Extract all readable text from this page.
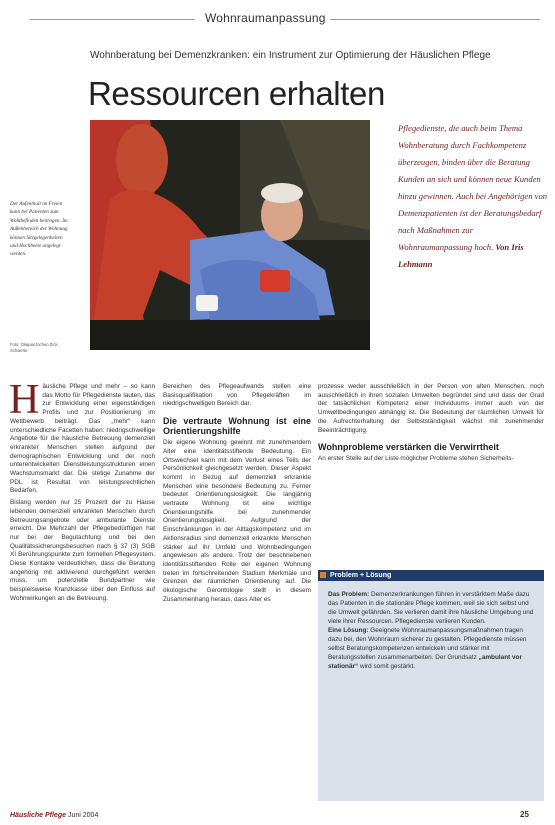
Wohnraumanpassung
Wohnberatung bei Demenzkranken: ein Instrument zur Optimierung der Häuslichen Pflege
Ressourcen erhalten
Pflegedienste, die auch beim Thema Wohnberatung durch Fachkompetenz überzeugen, binden über die Beratung Kunden an sich und können neue Kunden hinzu gewinnen. Auch bei Angehörigen von Demenzpatienten ist der Beratungsbedarf nach Maßnahmen zur Wohnraumanpassung hoch. Von Iris Lehmann
Der Aufenthalt im Freien kann bei Patienten zum Wohlbefinden beitragen. Im Außenbereich der Wohnung können Sitzgelegenheiten und Hochbeete angelegt werden.
Foto: Okapia/Jochen Zick, Schwerte

Häusliche Pflege und mehr – so kann das Motto für Pflegedienste lauten, das zur Entwicklung einer eigenständigen Profils und zur Positionierung im Wettbewerb beiträgt. Das „mehr“ kann unterschiedliche Facetten haben: niedrigschwellige Angebote für die häusliche Betreuung demenziell erkrankter Menschen stellen aufgrund der demographischen Entwicklung und der noch unterentwickelten Dienstleistungsstrukturen einen Wachstumsmarkt dar. Die stetige Zunahme der PDL ist Resultat von leistungsrechtlichen Bedarfen.

Bislang werden nur 25 Prozent der zu Hause lebenden demenziell erkrankten Menschen durch Betreuungsangebote oder ambulante Dienste erreicht. Die Mehrzahl der Pflegebedürftigen hat nur bei der Begutachtung und bei den Qualitätssicherungsbesuchen nach § 37 (3) SGB XI Berührungspunkte zum formellen Pflegesystem. Diese Kontakte verdeutlichen, dass die Beratung angehörig mit aktivierend durchgeführt werden muss, um potenzielle Bundpartner wie beispielsweise Kranzkasse über den Einfluss auf Wohnwirkungen an die Betreuung.

Bereichen des Pflegeaufwands stellen eine Basisqualifikation von Pflegekräften im niedrigschwelligen Bereich dar.

Die vertraute Wohnung ist eine Orientierungshilfe

Die eigene Wohnung gewinnt mit zunehmendem Alter eine identitätsstiftende Bedeutung. Ein Ortswechsel kann mit dem Verlust eines Teils der Persönlichkeit gleichgesetzt werden. Dieser Aspekt kommt in Bezug auf demenziell erkrankte Menschen eine besondere Bedeutung zu. Ferner bedeutet Orientierungslosigkeit. Die langjährig vertraute Wohnung ist eine wichtige Orientierungshilfe bei zunehmender Orientierungslosigkeit. Aufgrund der Einschränkungen in der Alltagskompetenz und im Aktionsradius sind demenziell erkrankte Menschen stärker auf ihr Umfeld und Wohnbedingungen angewiesen als andere. Trotz der beschriebenen identitätsstiftenden Rolle der eigenen Wohnung treten im fortschreitenden Stadium Merkmale und Grenzen der räumlichen Orientierung auf. Die ökologische Gerontologie stellt in diesem Zusammenhang heraus, dass Alter es

prozesse weder ausschließlich in der Person von alten Menschen, noch ausschließlich in ihren sozialen Umwelten begründet sind und dass der Grad der tatsächlichen Kompetenz einer Individuums immer auch von der Umweltbedingungen abhängig ist. Die Bedeutung der räumlichen Umwelt für die Aufrechterhaltung der Selbstständigkeit wächst mit zunehmender Beeinträchtigung.

Wohnprobleme verstärken die Verwirrtheit

An erster Stelle auf der Liste möglicher Probleme stehen Sicherheits-

Problem + Lösung

Das Problem: Demenzerkrankungen führen in verstärktem Maße dazu das Patienten in die stationäre Pflege kommen, weil sie sich selbst und die Umwelt gefährden. Sie verlieren damit ihre häusliche Umgebung und viele ihrer Ressourcen. Pflegedienste verlieren Kunden.

Eine Lösung: Geeignete Wohnraumanpassungsmaßnahmen tragen dazu bei, den Wohnraum sicherer zu gestalten. Pflegedienste müssen selbst Beratungskompetenzen entwickeln und stärker mit Beratungsstellen zusammenarbeiten. Der Grundsatz „ambulant vor stationär“ wird somit gestärkt.

Häusliche Pflege Juni 2004	25
